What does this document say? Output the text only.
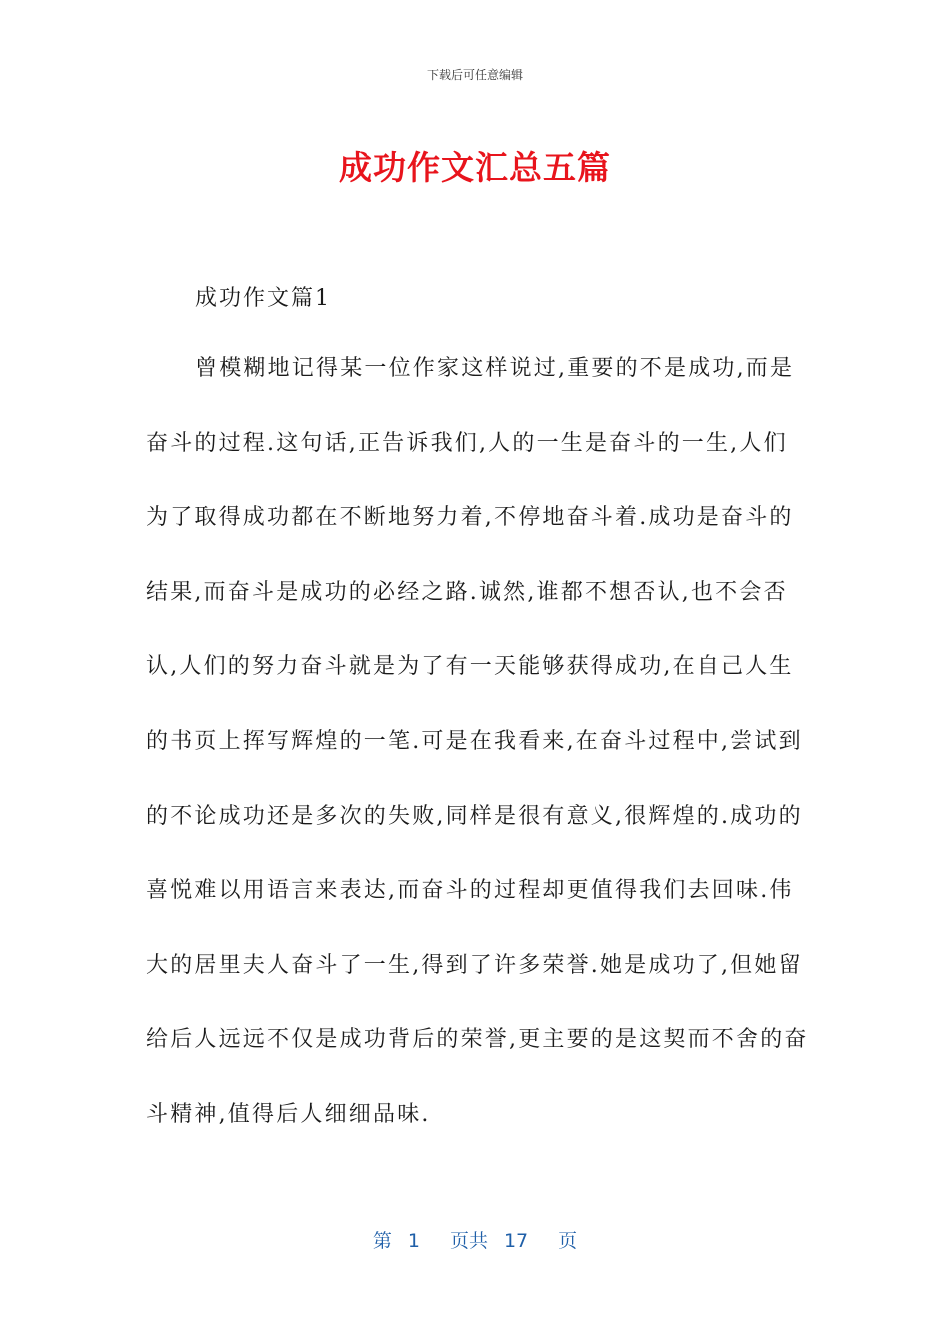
下载后可任意编辑
成功作文汇总五篇
成功作文篇1
曾模糊地记得某一位作家这样说过,重要的不是成功,而是
奋斗的过程.这句话,正告诉我们,人的一生是奋斗的一生,人们
为了取得成功都在不断地努力着,不停地奋斗着.成功是奋斗的
结果,而奋斗是成功的必经之路.诚然,谁都不想否认,也不会否
认,人们的努力奋斗就是为了有一天能够获得成功,在自己人生
的书页上挥写辉煌的一笔.可是在我看来,在奋斗过程中,尝试到
的不论成功还是多次的失败,同样是很有意义,很辉煌的.成功的
喜悦难以用语言来表达,而奋斗的过程却更值得我们去回味.伟
大的居里夫人奋斗了一生,得到了许多荣誉.她是成功了,但她留
给后人远远不仅是成功背后的荣誉,更主要的是这契而不舍的奋
斗精神,值得后人细细品味.
第 1 页共 17 页
